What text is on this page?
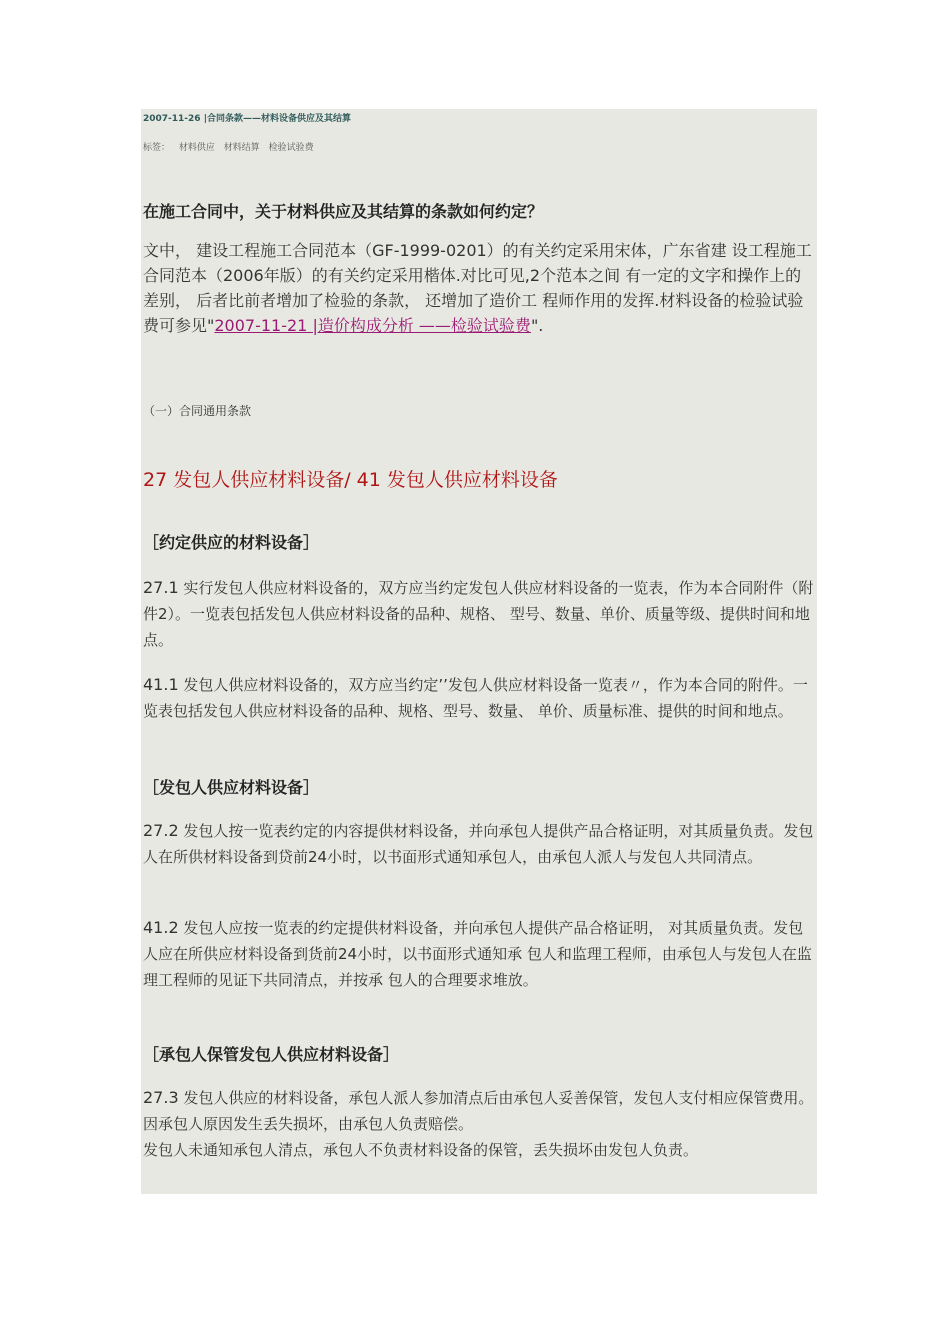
2007-11-26 |合同条款——材料设备供应及其结算

标签： 材料供应 材料结算 检验试验费

在施工合同中，关于材料供应及其结算的条款如何约定？

文中， 建设工程施工合同范本（GF-1999-0201）的有关约定采用宋体，广东省建 设工程施工合同范本（2006年版）的有关约定采用楷体.对比可见,2个范本之间 有一定的文字和操作上的差别， 后者比前者增加了检验的条款， 还增加了造价工 程师作用的发挥.材料设备的检验试验费可参见"2007-11-21 |造价构成分析 ——检验试验费".

（一）合同通用条款

27 发包人供应材料设备/ 41 发包人供应材料设备

［约定供应的材料设备］

27.1 实行发包人供应材料设备的，双方应当约定发包人供应材料设备的一览表，作为本合同附件（附件2）。一览表包括发包人供应材料设备的品种、规格、 型号、数量、单价、质量等级、提供时间和地点。

41.1 发包人供应材料设备的，双方应当约定’’发包人供应材料设备一览表〃，作为本合同的附件。一览表包括发包人供应材料设备的品种、规格、型号、数量、 单价、质量标准、提供的时间和地点。

［发包人供应材料设备］

27.2 发包人按一览表约定的内容提供材料设备，并向承包人提供产品合格证明，对其质量负责。发包人在所供材料设备到贷前24小时，以书面形式通知承包人，由承包人派人与发包人共同清点。

41.2 发包人应按一览表的约定提供材料设备，并向承包人提供产品合格证明， 对其质量负责。发包人应在所供应材料设备到货前24小时，以书面形式通知承 包人和监理工程师，由承包人与发包人在监理工程师的见证下共同清点，并按承 包人的合理要求堆放。

［承包人保管发包人供应材料设备］

27.3 发包人供应的材料设备，承包人派人参加清点后由承包人妥善保管，发包人支付相应保管费用。因承包人原因发生丢失损坏，由承包人负责赔偿。
发包人未通知承包人清点，承包人不负责材料设备的保管，丢失损坏由发包人负责。
